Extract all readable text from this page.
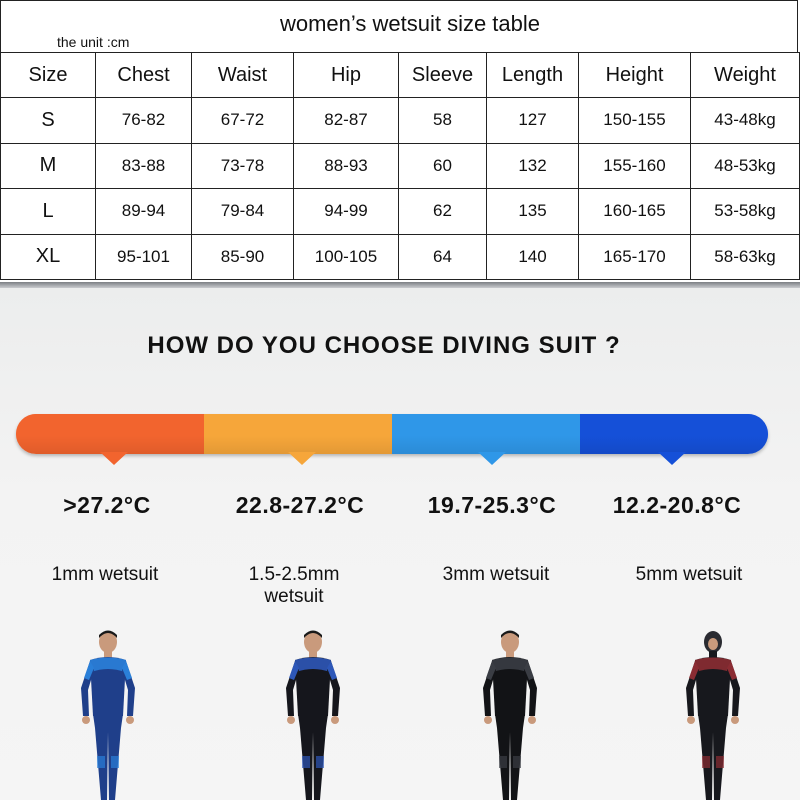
women’s wetsuit size table
the unit :cm
Size	Chest	Waist	Hip	Sleeve	Length	Height	Weight
S	76-82	67-72	82-87	58	127	150-155	43-48kg
M	83-88	73-78	88-93	60	132	155-160	48-53kg
L	89-94	79-84	94-99	62	135	160-165	53-58kg
XL	95-101	85-90	100-105	64	140	165-170	58-63kg
HOW DO YOU CHOOSE DIVING SUIT ?
>27.2°C	22.8-27.2°C	19.7-25.3°C	12.2-20.8°C
1mm wetsuit	1.5-2.5mm
wetsuit
3mm wetsuit	5mm wetsuit
